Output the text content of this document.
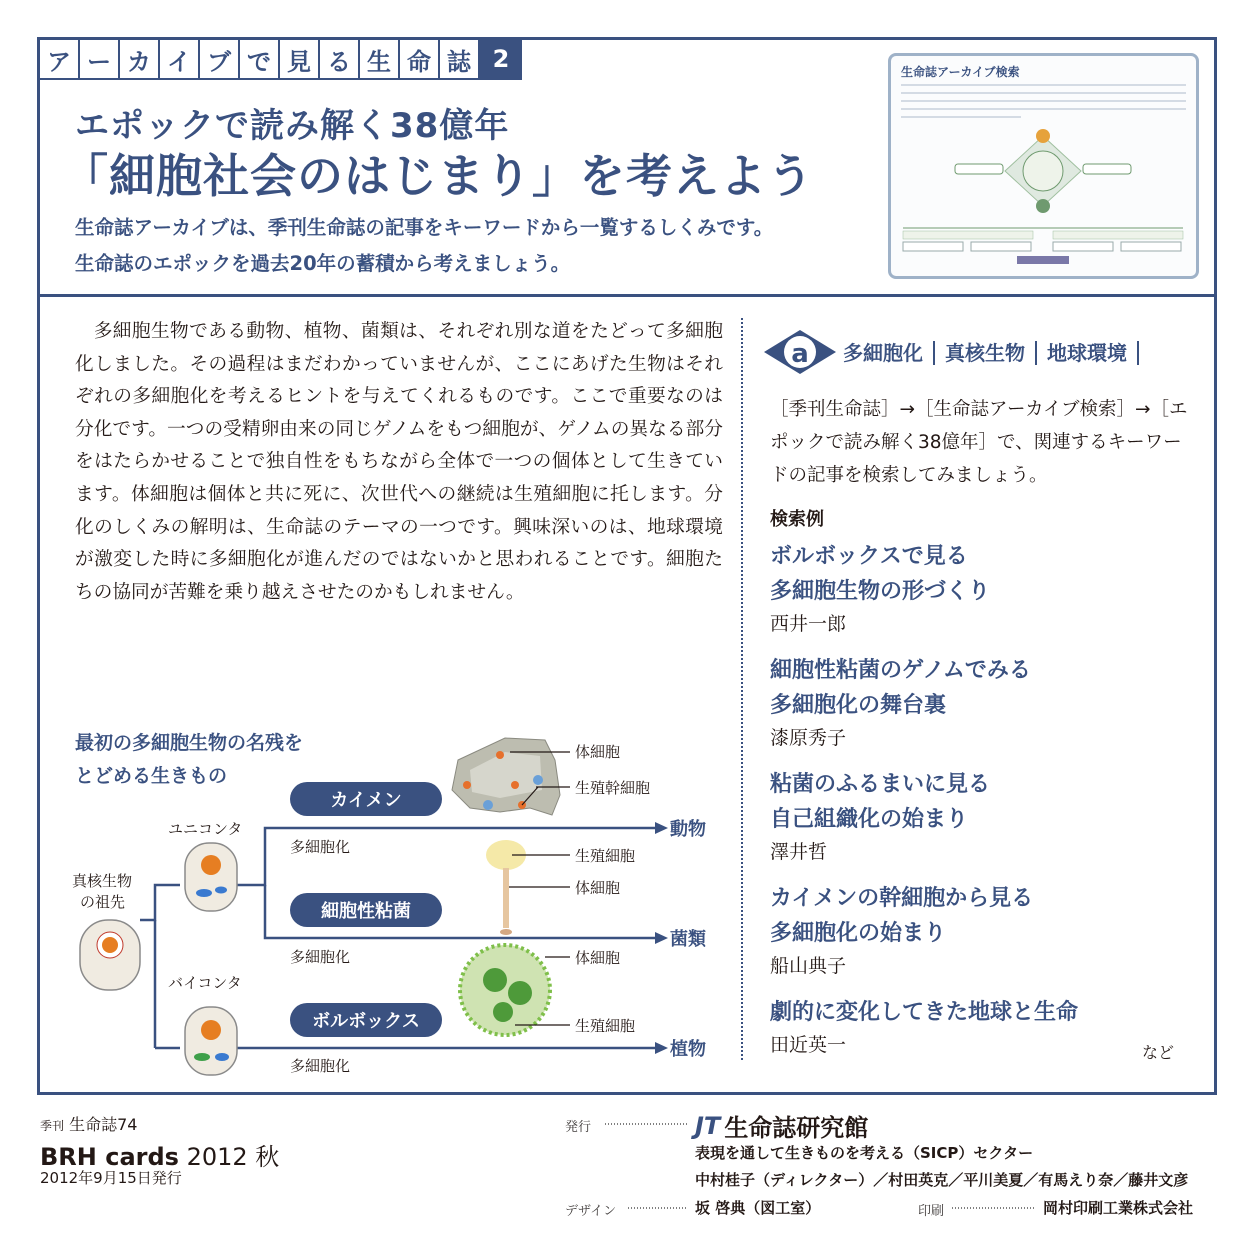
ア ー カ イ ブ で 見 る 生 命 誌 2
エポックで読み解く38億年
「細胞社会のはじまり」を考えよう
生命誌アーカイブは、季刊生命誌の記事をキーワードから一覧するしくみです。
生命誌のエポックを過去20年の蓄積から考えましょう。
生命誌アーカイブ検索

多細胞生物である動物、植物、菌類は、それぞれ別な道をたどって多細胞化しました。その過程はまだわかっていませんが、ここにあげた生物はそれぞれの多細胞化を考えるヒントを与えてくれるものです。ここで重要なのは分化です。一つの受精卵由来の同じゲノムをもつ細胞が、ゲノムの異なる部分をはたらかせることで独自性をもちながら全体で一つの個体として生きています。体細胞は個体と共に死に、次世代への継続は生殖細胞に托します。分化のしくみの解明は、生命誌のテーマの一つです。興味深いのは、地球環境が激変した時に多細胞化が進んだのではないかと思われることです。細胞たちの協同が苦難を乗り越えさせたのかもしれません。

最初の多細胞生物の名残を
とどめる生きもの
a
ユニコンタ
真核生物
の祖先
バイコンタ
多細胞化
多細胞化
多細胞化
カイメン
細胞性粘菌
ボルボックス
動物
菌類
植物
体細胞
生殖幹細胞
生殖細胞
体細胞
体細胞
生殖細胞
多細胞化	真核生物	地球環境
［季刊生命誌］→［生命誌アーカイブ検索］→［エポックで読み解く38億年］で、関連するキーワードの記事を検索してみましょう。
検索例
ボルボックスで見る
多細胞生物の形づくり
西井一郎
細胞性粘菌のゲノムでみる
多細胞化の舞台裏
漆原秀子
粘菌のふるまいに見る
自己組織化の始まり
澤井哲
カイメンの幹細胞から見る
多細胞化の始まり
船山典子
劇的に変化してきた地球と生命
田近英一	など
季刊 生命誌74
BRH cards 2012 秋
2012年9月15日発行
発行	JT 生命誌研究館
表現を通して生きものを考える（SICP）セクター
中村桂子（ディレクター）／村田英克／平川美夏／有馬えり奈／藤井文彦
デザイン	坂 啓典（図工室）	印刷	岡村印刷工業株式会社
